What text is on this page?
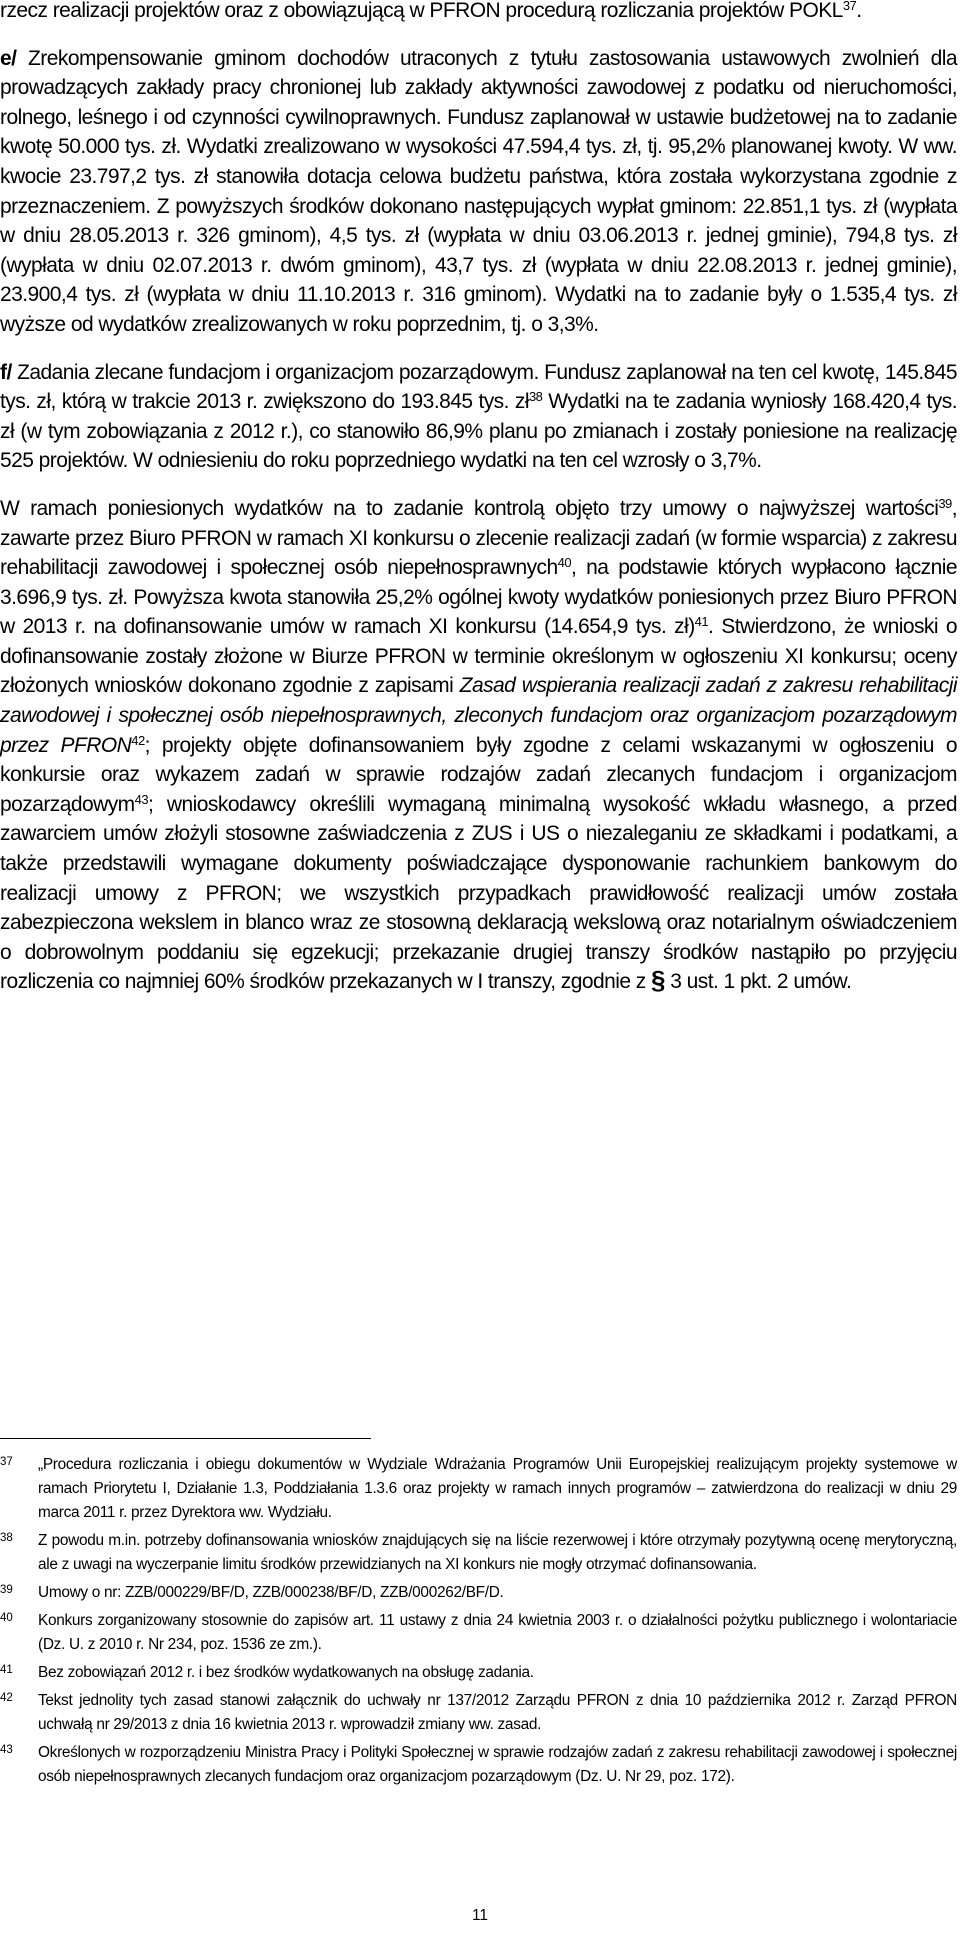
rzecz realizacji projektów oraz z obowiązującą w PFRON procedurą rozliczania projektów POKL$^{37}$.

e/ Zrekompensowanie gminom dochodów utraconych z tytułu zastosowania ustawowych zwolnień dla prowadzących zakłady pracy chronionej lub zakłady aktywności zawodowej z podatku od nieruchomości, rolnego, leśnego i od czynności cywilnoprawnych. Fundusz zaplanował w ustawie budżetowej na to zadanie kwotę 50.000 tys. zł. Wydatki zrealizowano w wysokości 47.594,4 tys. zł, tj. 95,2% planowanej kwoty. W ww. kwocie 23.797,2 tys. zł stanowiła dotacja celowa budżetu państwa, która została wykorzystana zgodnie z przeznaczeniem. Z powyższych środków dokonano następujących wypłat gminom: 22.851,1 tys. zł (wypłata w dniu 28.05.2013 r. 326 gminom), 4,5 tys. zł (wypłata w dniu 03.06.2013 r. jednej gminie), 794,8 tys. zł (wypłata w dniu 02.07.2013 r. dwóm gminom), 43,7 tys. zł (wypłata w dniu 22.08.2013 r. jednej gminie), 23.900,4 tys. zł (wypłata w dniu 11.10.2013 r. 316 gminom). Wydatki na to zadanie były o 1.535,4 tys. zł wyższe od wydatków zrealizowanych w roku poprzednim, tj. o 3,3%.

f/ Zadania zlecane fundacjom i organizacjom pozarządowym. Fundusz zaplanował na ten cel kwotę, 145.845 tys. zł, którą w trakcie 2013 r. zwiększono do 193.845 tys. $zł^{38}$ Wydatki na te zadania wyniosły 168.420,4 tys. zł (w tym zobowiązania z 2012 r.), co stanowiło 86,9% planu po zmianach i zostały poniesione na realizację 525 projektów. W odniesieniu do roku poprzedniego wydatki na ten cel wzrosły o 3,7%.

W ramach poniesionych wydatków na to zadanie kontrolą objęto trzy umowy o najwyższej wartości$^{39}$, zawarte przez Biuro PFRON w ramach XI konkursu o zlecenie realizacji zadań (w formie wsparcia) z zakresu rehabilitacji zawodowej i społecznej osób niepełnosprawnych$^{40}$, na podstawie których wypłacono łącznie 3.696,9 tys. zł. Powyższa kwota stanowiła 25,2% ogólnej kwoty wydatków poniesionych przez Biuro PFRON w 2013 r. na dofinansowanie umów w ramach XI konkursu (14.654,9 tys. zł)$^{41}$. Stwierdzono, że wnioski o dofinansowanie zostały złożone w Biurze PFRON w terminie określonym w ogłoszeniu XI konkursu; oceny złożonych wniosków dokonano zgodnie z zapisami Zasad wspierania realizacji zadań z zakresu rehabilitacji zawodowej i społecznej osób niepełnosprawnych, zleconych fundacjom oraz organizacjom pozarządowym przez PFRON$^{42}$; projekty objęte dofinansowaniem były zgodne z celami wskazanymi w ogłoszeniu o konkursie oraz wykazem zadań w sprawie rodzajów zadań zlecanych fundacjom i organizacjom pozarządowym$^{43}$; wnioskodawcy określili wymaganą minimalną wysokość wkładu własnego, a przed zawarciem umów złożyli stosowne zaświadczenia z ZUS i US o niezaleganiu ze składkami i podatkami, a także przedstawili wymagane dokumenty poświadczające dysponowanie rachunkiem bankowym do realizacji umowy z PFRON; we wszystkich przypadkach prawidłowość realizacji umów została zabezpieczona wekslem in blanco wraz ze stosowną deklaracją wekslową oraz notarialnym oświadczeniem o dobrowolnym poddaniu się egzekucji; przekazanie drugiej transzy środków nastąpiło po przyjęciu rozliczenia co najmniej 60% środków przekazanych w I transzy, zgodnie z § 3 ust. 1 pkt. 2 umów.

37 „Procedura rozliczania i obiegu dokumentów w Wydziale Wdrażania Programów Unii Europejskiej realizującym projekty systemowe w ramach Priorytetu I, Działanie 1.3, Poddziałania 1.3.6 oraz projekty w ramach innych programów – zatwierdzona do realizacji w dniu 29 marca 2011 r. przez Dyrektora ww. Wydziału.
38 Z powodu m.in. potrzeby dofinansowania wniosków znajdujących się na liście rezerwowej i które otrzymały pozytywną ocenę merytoryczną, ale z uwagi na wyczerpanie limitu środków przewidzianych na XI konkurs nie mogły otrzymać dofinansowania.
39 Umowy o nr: ZZB/000229/BF/D, ZZB/000238/BF/D, ZZB/000262/BF/D.
40 Konkurs zorganizowany stosownie do zapisów art. 11 ustawy z dnia 24 kwietnia 2003 r. o działalności pożytku publicznego i wolontariacie (Dz. U. z 2010 r. Nr 234, poz. 1536 ze zm.).
41 Bez zobowiązań 2012 r. i bez środków wydatkowanych na obsługę zadania.
42 Tekst jednolity tych zasad stanowi załącznik do uchwały nr 137/2012 Zarządu PFRON z dnia 10 października 2012 r. Zarząd PFRON uchwałą nr 29/2013 z dnia 16 kwietnia 2013 r. wprowadził zmiany ww. zasad.
43 Określonych w rozporządzeniu Ministra Pracy i Polityki Społecznej w sprawie rodzajów zadań z zakresu rehabilitacji zawodowej i społecznej osób niepełnosprawnych zlecanych fundacjom oraz organizacjom pozarządowym (Dz. U. Nr 29, poz. 172).
11
